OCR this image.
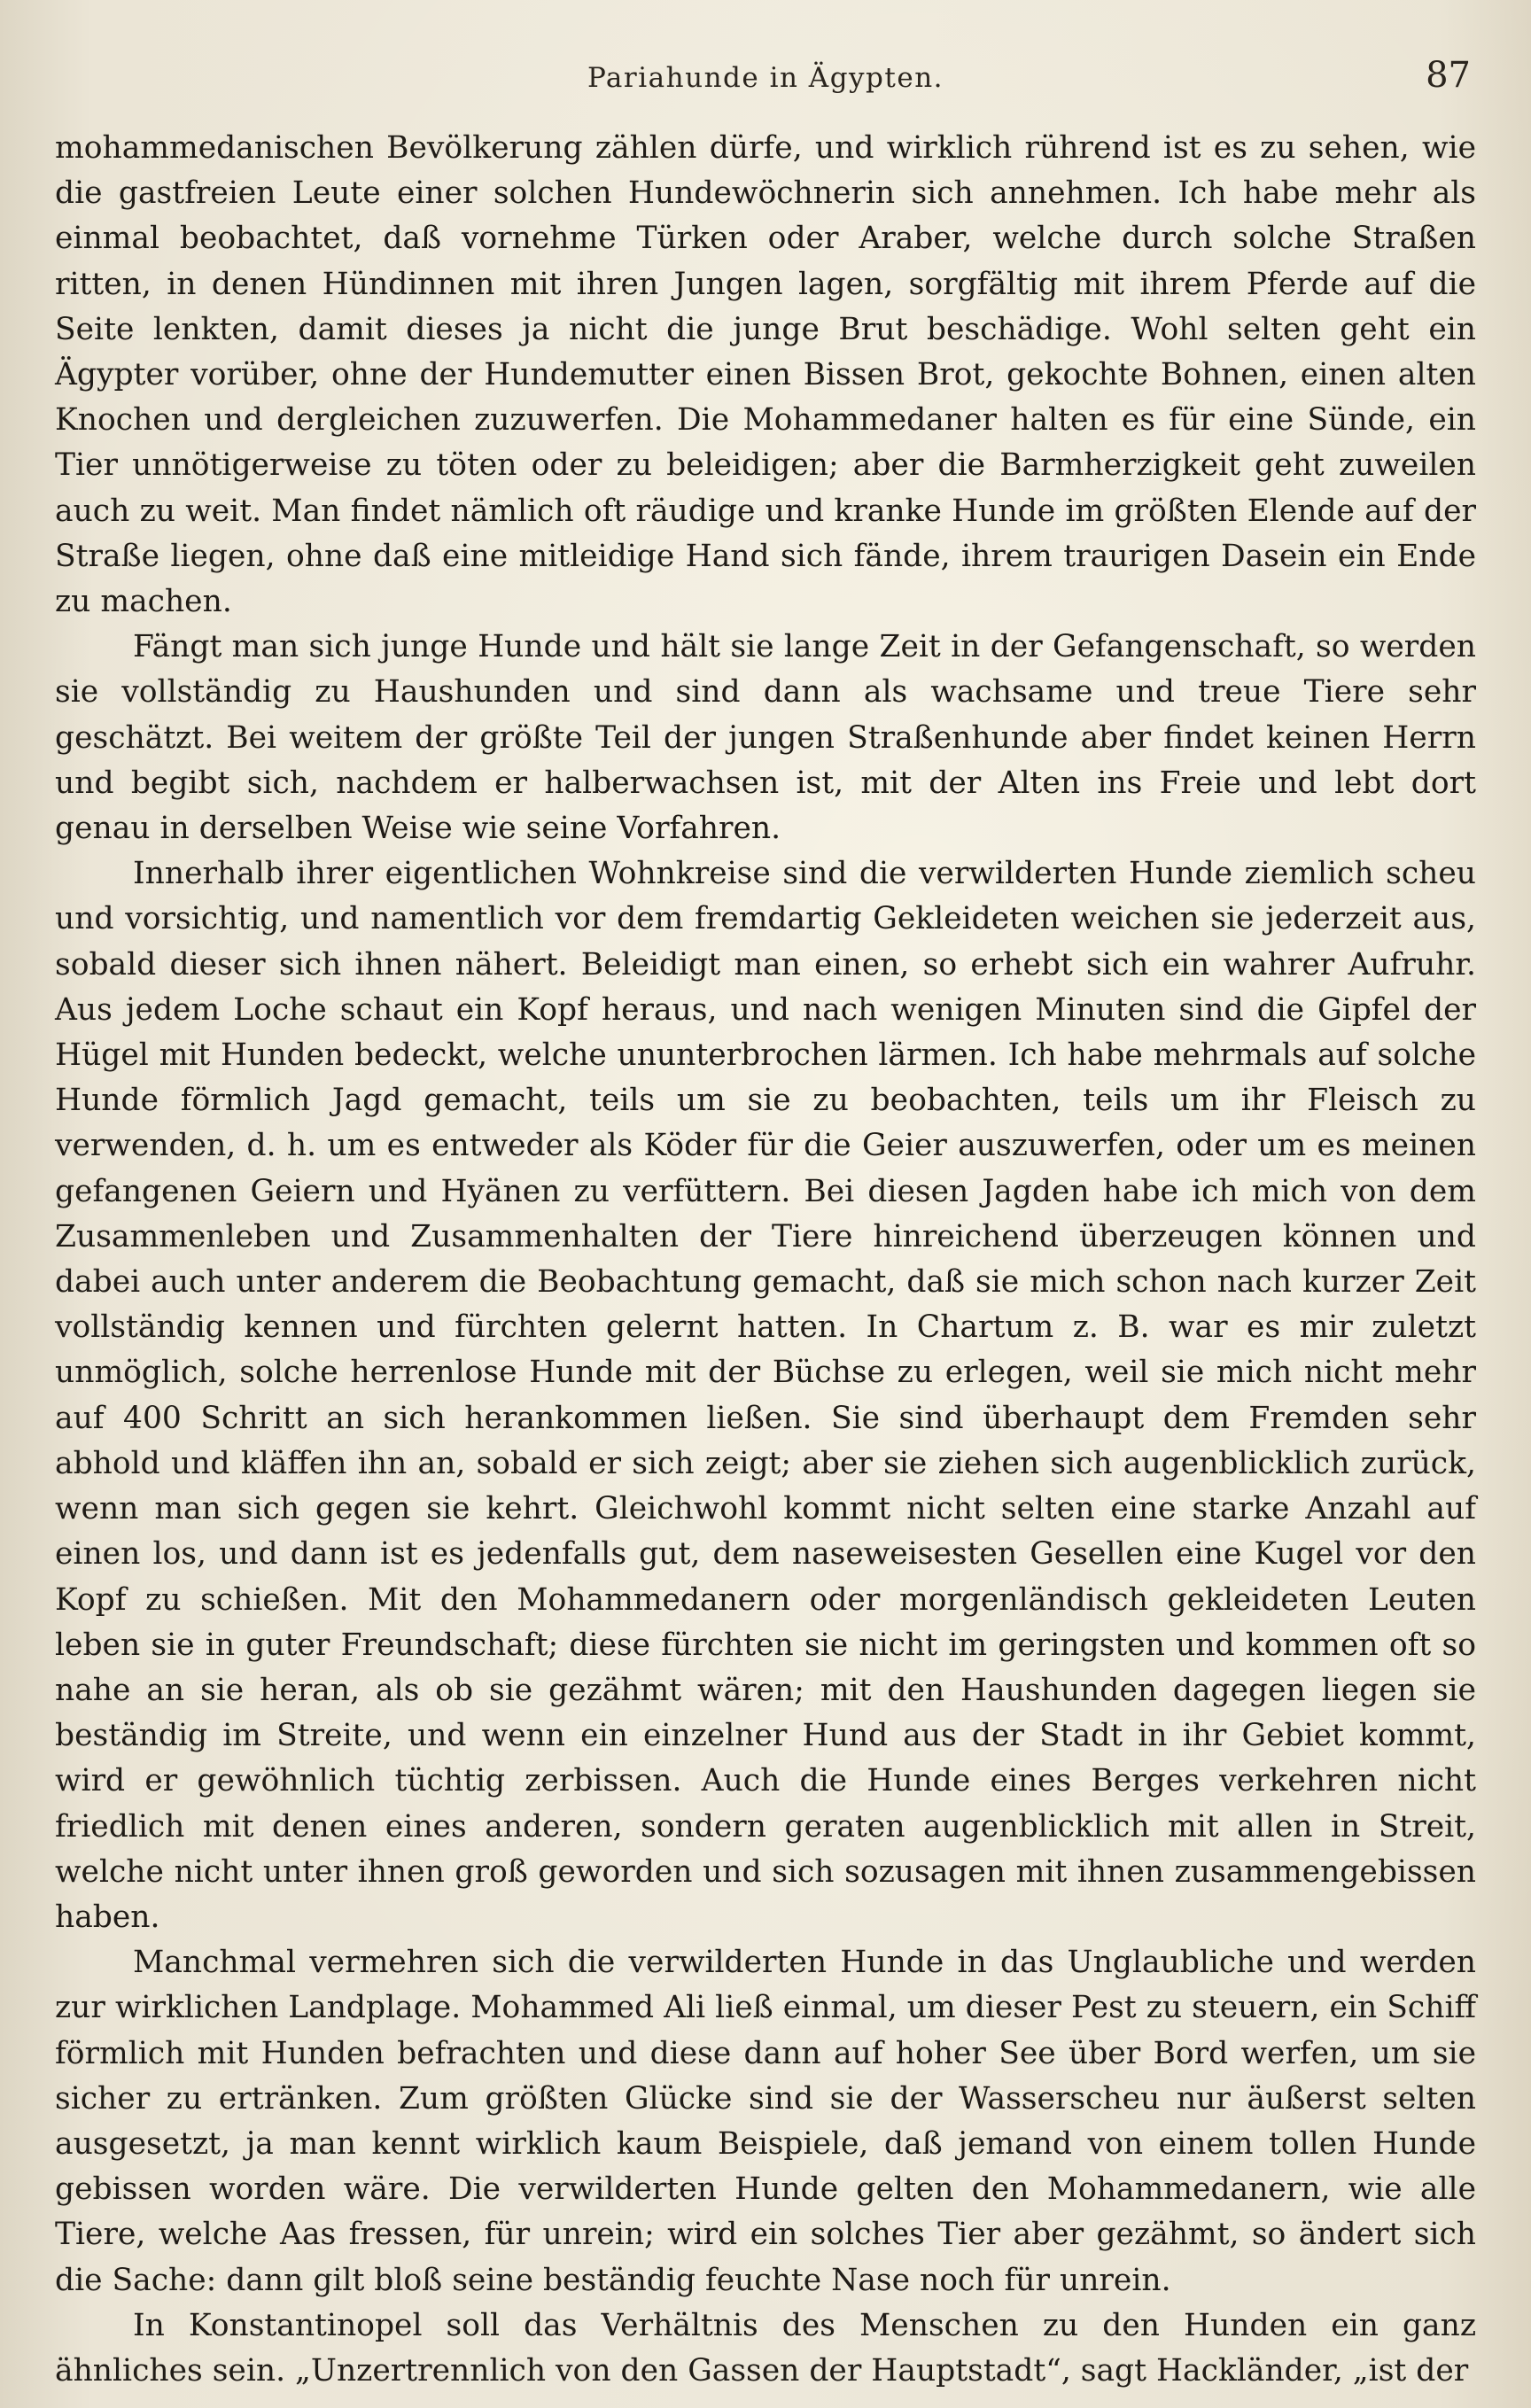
Pariahunde in Ägypten.	87

mohammedanischen Bevölkerung zählen dürfe, und wirklich rührend ist es zu sehen, wie die gastfreien Leute einer solchen Hundewöchnerin sich annehmen. Ich habe mehr als einmal beobachtet, daß vornehme Türken oder Araber, welche durch solche Straßen ritten, in denen Hündinnen mit ihren Jungen lagen, sorgfältig mit ihrem Pferde auf die Seite lenkten, damit dieses ja nicht die junge Brut beschädige. Wohl selten geht ein Ägypter vorüber, ohne der Hundemutter einen Bissen Brot, gekochte Bohnen, einen alten Knochen und dergleichen zuzuwerfen. Die Mohammedaner halten es für eine Sünde, ein Tier unnötigerweise zu töten oder zu beleidigen; aber die Barmherzigkeit geht zuweilen auch zu weit. Man findet nämlich oft räudige und kranke Hunde im größten Elende auf der Straße liegen, ohne daß eine mitleidige Hand sich fände, ihrem traurigen Dasein ein Ende zu machen.

Fängt man sich junge Hunde und hält sie lange Zeit in der Gefangenschaft, so werden sie vollständig zu Haushunden und sind dann als wachsame und treue Tiere sehr geschätzt. Bei weitem der größte Teil der jungen Straßenhunde aber findet keinen Herrn und begibt sich, nachdem er halberwachsen ist, mit der Alten ins Freie und lebt dort genau in derselben Weise wie seine Vorfahren.

Innerhalb ihrer eigentlichen Wohnkreise sind die verwilderten Hunde ziemlich scheu und vorsichtig, und namentlich vor dem fremdartig Gekleideten weichen sie jederzeit aus, sobald dieser sich ihnen nähert. Beleidigt man einen, so erhebt sich ein wahrer Aufruhr. Aus jedem Loche schaut ein Kopf heraus, und nach wenigen Minuten sind die Gipfel der Hügel mit Hunden bedeckt, welche ununterbrochen lärmen. Ich habe mehrmals auf solche Hunde förmlich Jagd gemacht, teils um sie zu beobachten, teils um ihr Fleisch zu verwenden, d. h. um es entweder als Köder für die Geier auszuwerfen, oder um es meinen gefangenen Geiern und Hyänen zu verfüttern. Bei diesen Jagden habe ich mich von dem Zusammenleben und Zusammenhalten der Tiere hinreichend überzeugen können und dabei auch unter anderem die Beobachtung gemacht, daß sie mich schon nach kurzer Zeit vollständig kennen und fürchten gelernt hatten. In Chartum z. B. war es mir zuletzt unmöglich, solche herrenlose Hunde mit der Büchse zu erlegen, weil sie mich nicht mehr auf 400 Schritt an sich herankommen ließen. Sie sind überhaupt dem Fremden sehr abhold und kläffen ihn an, sobald er sich zeigt; aber sie ziehen sich augenblicklich zurück, wenn man sich gegen sie kehrt. Gleichwohl kommt nicht selten eine starke Anzahl auf einen los, und dann ist es jedenfalls gut, dem naseweisesten Gesellen eine Kugel vor den Kopf zu schießen. Mit den Mohammedanern oder morgenländisch gekleideten Leuten leben sie in guter Freundschaft; diese fürchten sie nicht im geringsten und kommen oft so nahe an sie heran, als ob sie gezähmt wären; mit den Haushunden dagegen liegen sie beständig im Streite, und wenn ein einzelner Hund aus der Stadt in ihr Gebiet kommt, wird er gewöhnlich tüchtig zerbissen. Auch die Hunde eines Berges verkehren nicht friedlich mit denen eines anderen, sondern geraten augenblicklich mit allen in Streit, welche nicht unter ihnen groß geworden und sich sozusagen mit ihnen zusammengebissen haben.

Manchmal vermehren sich die verwilderten Hunde in das Unglaubliche und werden zur wirklichen Landplage. Mohammed Ali ließ einmal, um dieser Pest zu steuern, ein Schiff förmlich mit Hunden befrachten und diese dann auf hoher See über Bord werfen, um sie sicher zu ertränken. Zum größten Glücke sind sie der Wasserscheu nur äußerst selten ausgesetzt, ja man kennt wirklich kaum Beispiele, daß jemand von einem tollen Hunde gebissen worden wäre. Die verwilderten Hunde gelten den Mohammedanern, wie alle Tiere, welche Aas fressen, für unrein; wird ein solches Tier aber gezähmt, so ändert sich die Sache: dann gilt bloß seine beständig feuchte Nase noch für unrein.

In Konstantinopel soll das Verhältnis des Menschen zu den Hunden ein ganz ähnliches sein. „Unzertrennlich von den Gassen der Hauptstadt“, sagt Hackländer, „ist der
